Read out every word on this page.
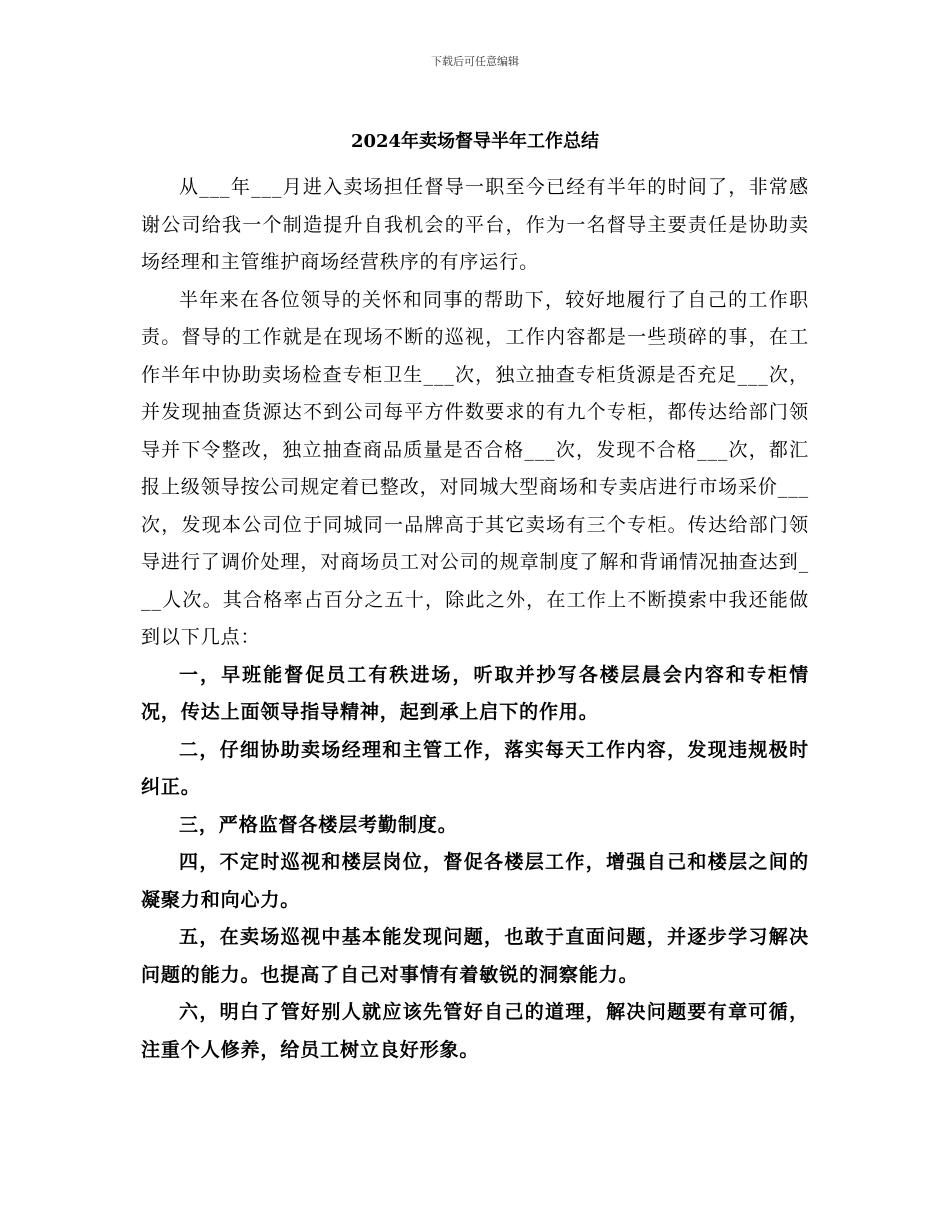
下载后可任意编辑
2024年卖场督导半年工作总结

从___年___月进入卖场担任督导一职至今已经有半年的时间了，非常感谢公司给我一个制造提升自我机会的平台，作为一名督导主要责任是协助卖场经理和主管维护商场经营秩序的有序运行。

半年来在各位领导的关怀和同事的帮助下，较好地履行了自己的工作职责。督导的工作就是在现场不断的巡视，工作内容都是一些琐碎的事，在工作半年中协助卖场检查专柜卫生___次，独立抽查专柜货源是否充足___次，并发现抽查货源达不到公司每平方件数要求的有九个专柜，都传达给部门领导并下令整改，独立抽查商品质量是否合格___次，发现不合格___次，都汇报上级领导按公司规定着已整改，对同城大型商场和专卖店进行市场采价___次，发现本公司位于同城同一品牌高于其它卖场有三个专柜。传达给部门领导进行了调价处理，对商场员工对公司的规章制度了解和背诵情况抽查达到___人次。其合格率占百分之五十，除此之外，在工作上不断摸索中我还能做到以下几点：

一，早班能督促员工有秩进场，听取并抄写各楼层晨会内容和专柜情况，传达上面领导指导精神，起到承上启下的作用。

二，仔细协助卖场经理和主管工作，落实每天工作内容，发现违规极时纠正。

三，严格监督各楼层考勤制度。

四，不定时巡视和楼层岗位，督促各楼层工作，增强自己和楼层之间的凝聚力和向心力。

五，在卖场巡视中基本能发现问题，也敢于直面问题，并逐步学习解决问题的能力。也提高了自己对事情有着敏锐的洞察能力。

六，明白了管好别人就应该先管好自己的道理，解决问题要有章可循，注重个人修养，给员工树立良好形象。
